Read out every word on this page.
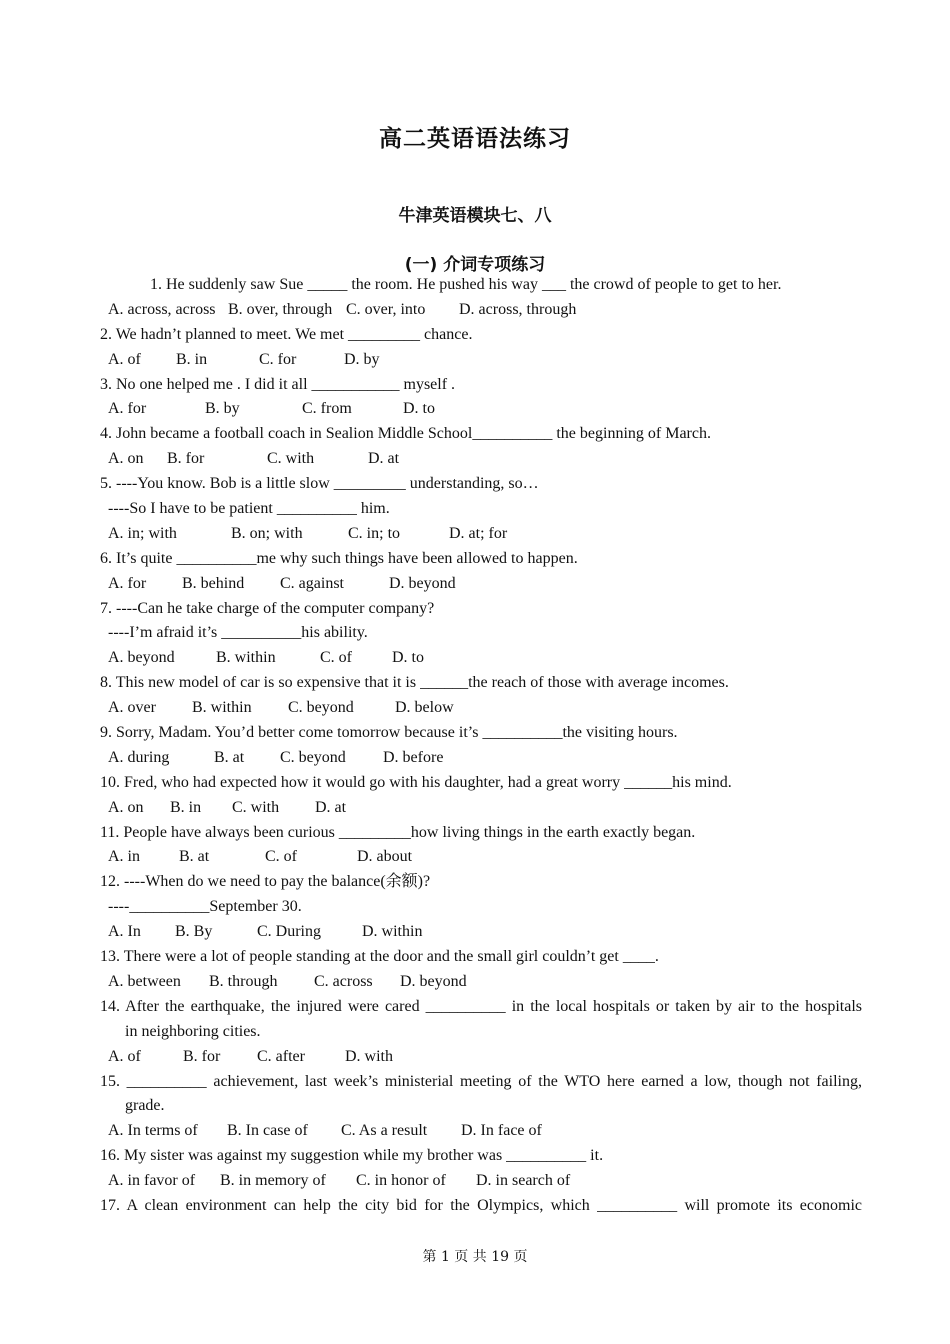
高二英语语法练习
牛津英语模块七、八
(一) 介词专项练习
1. He suddenly saw Sue _____ the room. He pushed his way ___ the crowd of people to get to her.
A. across, across B. over, through C. over, into	D. across, through
2. We hadn’t planned to meet. We met _________ chance.
A. of	B. in	C. for	D. by
3. No one helped me . I did it all ___________ myself .
A. for	B. by	C. from	D. to
4. John became a football coach in Sealion Middle School__________ the beginning of March.
A. on	B. for	C. with	D. at
5. ----You know. Bob is a little slow _________ understanding, so…
----So I have to be patient __________ him.
A. in; with	B. on; with	C. in; to	D. at; for
6. It’s quite __________me why such things have been allowed to happen.
A. for	B. behind	C. against	D. beyond
7. ----Can he take charge of the computer company?
----I’m afraid it’s __________his ability.
A. beyond	B. within	C. of	D. to
8. This new model of car is so expensive that it is ______the reach of those with average incomes.
A. over	B. within	C. beyond	D. below
9. Sorry, Madam. You’d better come tomorrow because it’s __________the visiting hours.
A. during	B. at	C. beyond	D. before
10. Fred, who had expected how it would go with his daughter, had a great worry ______his mind.
A. on	B. in	C. with	D. at
11. People have always been curious _________how living things in the earth exactly began.
A. in	B. at	C. of	D. about
12. ----When do we need to pay the balance(余额)?
----__________September 30.
A. In	B. By	C. During	D. within
13. There were a lot of people standing at the door and the small girl couldn’t get ____.
A. between	B. through	C. across	D. beyond
14. After the earthquake, the injured were cared __________ in the local hospitals or taken by air to the hospitals
in neighboring cities.
A. of	B. for	C. after	D. with
15. __________ achievement, last week’s ministerial meeting of the WTO here earned a low, though not failing,
grade.
A. In terms of	B. In case of	C. As a result	D. In face of
16. My sister was against my suggestion while my brother was __________ it.
A. in favor of	B. in memory of	C. in honor of	D. in search of
17. A clean environment can help the city bid for the Olympics, which __________ will promote its economic
第 1 页 共 19 页
